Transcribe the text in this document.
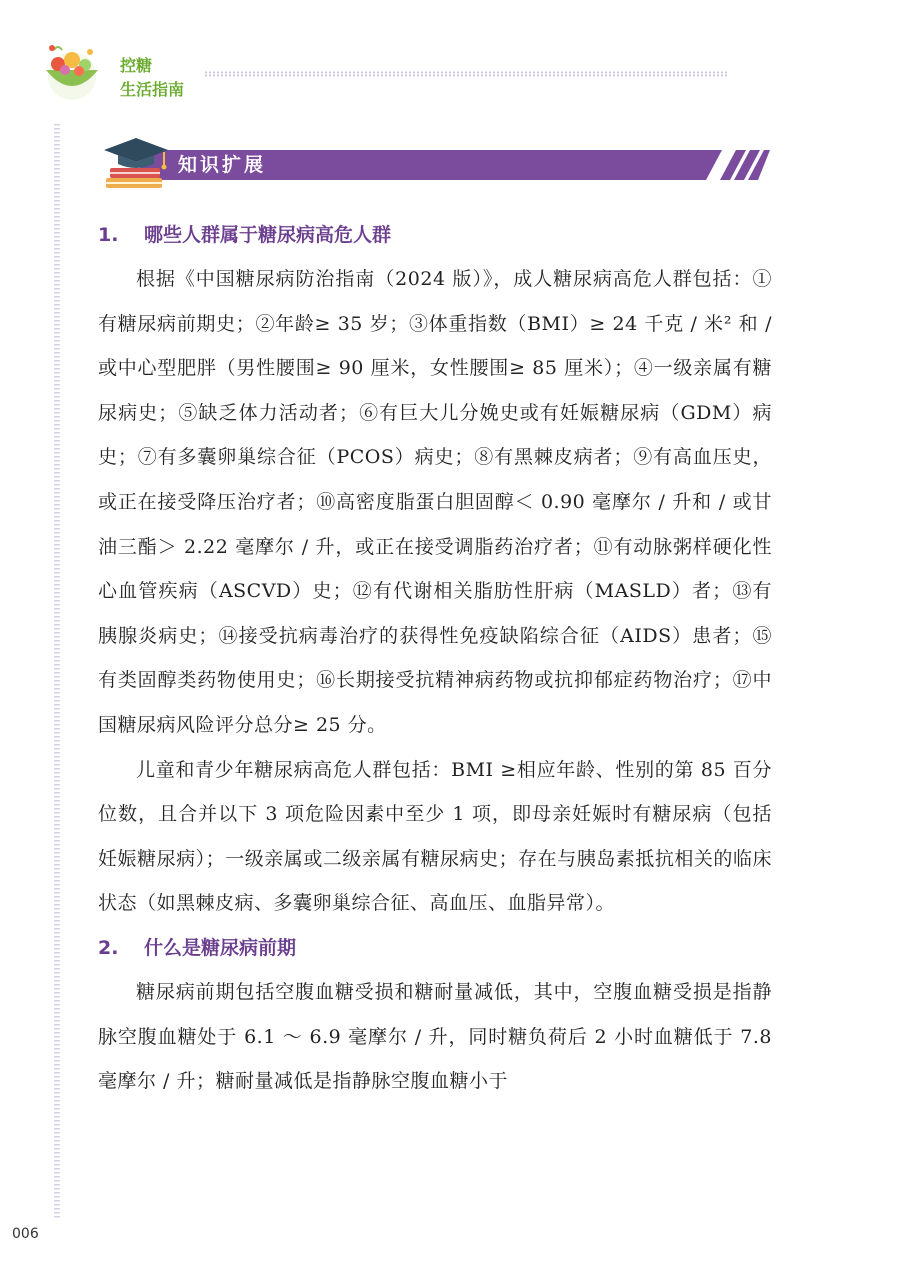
控糖
生活指南
知识扩展
1. 哪些人群属于糖尿病高危人群

根据《中国糖尿病防治指南（2024 版）》，成人糖尿病高危人群包括：①有糖尿病前期史；②年龄≥ 35 岁；③体重指数（BMI）≥ 24 千克 / 米² 和 / 或中心型肥胖（男性腰围≥ 90 厘米，女性腰围≥ 85 厘米）；④一级亲属有糖尿病史；⑤缺乏体力活动者；⑥有巨大儿分娩史或有妊娠糖尿病（GDM）病史；⑦有多囊卵巢综合征（PCOS）病史；⑧有黑棘皮病者；⑨有高血压史，或正在接受降压治疗者；⑩高密度脂蛋白胆固醇＜ 0.90 毫摩尔 / 升和 / 或甘油三酯＞ 2.22 毫摩尔 / 升，或正在接受调脂药治疗者；⑪有动脉粥样硬化性心血管疾病（ASCVD）史；⑫有代谢相关脂肪性肝病（MASLD）者；⑬有胰腺炎病史；⑭接受抗病毒治疗的获得性免疫缺陷综合征（AIDS）患者；⑮有类固醇类药物使用史；⑯长期接受抗精神病药物或抗抑郁症药物治疗；⑰中国糖尿病风险评分总分≥ 25 分。

儿童和青少年糖尿病高危人群包括：BMI ≥相应年龄、性别的第 85 百分位数，且合并以下 3 项危险因素中至少 1 项，即母亲妊娠时有糖尿病（包括妊娠糖尿病）；一级亲属或二级亲属有糖尿病史；存在与胰岛素抵抗相关的临床状态（如黑棘皮病、多囊卵巢综合征、高血压、血脂异常）。

2. 什么是糖尿病前期

糖尿病前期包括空腹血糖受损和糖耐量减低，其中，空腹血糖受损是指静脉空腹血糖处于 6.1 ～ 6.9 毫摩尔 / 升，同时糖负荷后 2 小时血糖低于 7.8 毫摩尔 / 升；糖耐量减低是指静脉空腹血糖小于

006
